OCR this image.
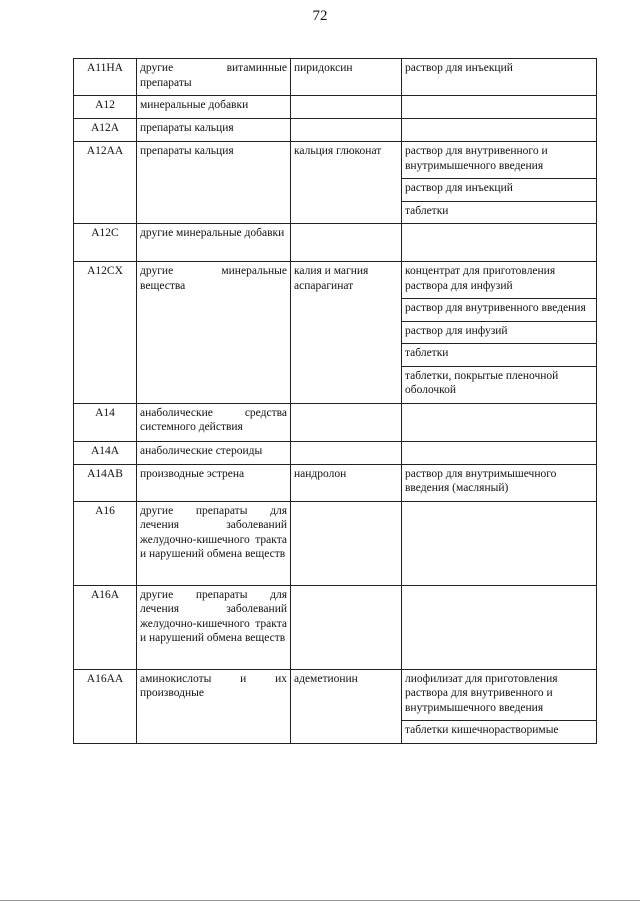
72
A11HA	другие витаминные препараты	пиридоксин	раствор для инъекций
A12	минеральные добавки		
A12A	препараты кальция		
A12AA	препараты кальция	кальция глюконат	раствор для внутривенного и внутримышечного введения
			раствор для инъекций
			таблетки
A12C	другие минеральные добавки		
A12CX	другие минеральные вещества	калия и магния аспарагинат	концентрат для приготовления раствора для инфузий
			раствор для внутривенного введения
			раствор для инфузий
			таблетки
			таблетки, покрытые пленочной оболочкой
A14	анаболические средства системного действия		
A14A	анаболические стероиды		
A14AB	производные эстрена	нандролон	раствор для внутримышечного введения (масляный)
A16	другие препараты для лечения заболеваний желудочно-кишечного тракта и нарушений обмена веществ		
A16A	другие препараты для лечения заболеваний желудочно-кишечного тракта и нарушений обмена веществ		
A16AA	аминокислоты и их производные	адеметионин	лиофилизат для приготовления раствора для внутривенного и внутримышечного введения
			таблетки кишечнорастворимые
